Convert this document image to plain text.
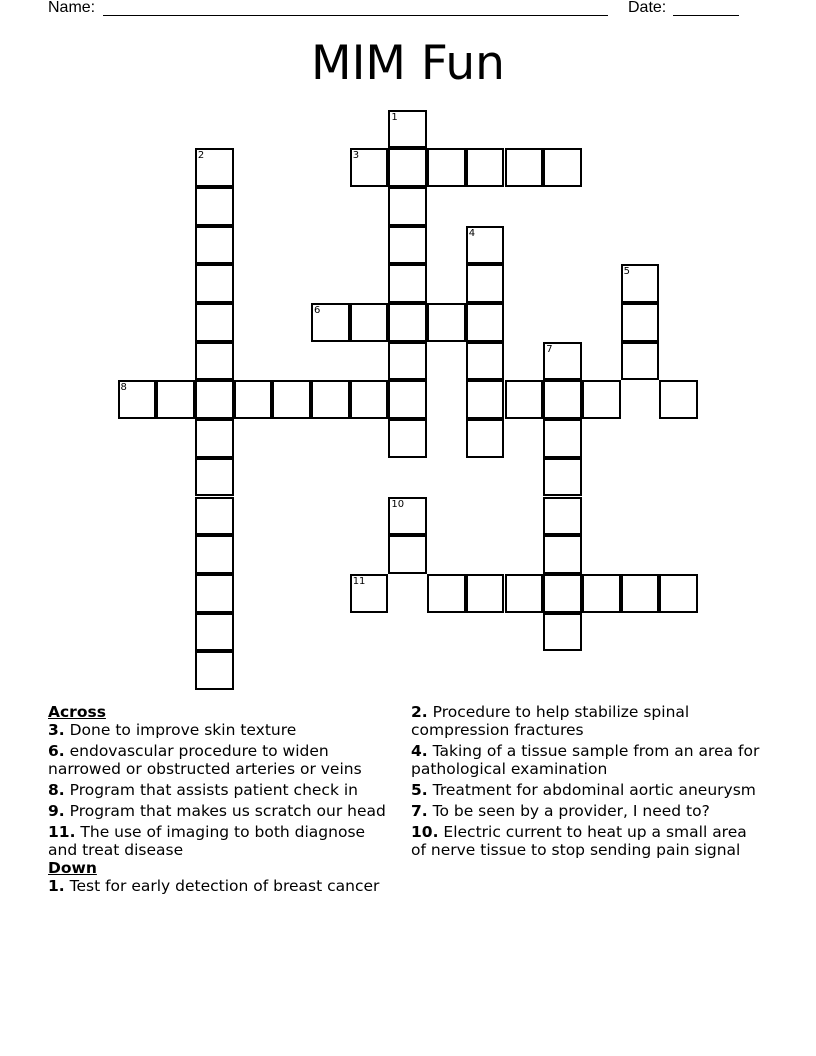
Name:	Date:
MIM Fun
1
2	3
4
5
6
7
8
10
11
Across
3. Done to improve skin texture
6. endovascular procedure to widen narrowed or obstructed arteries or veins
8. Program that assists patient check in
9. Program that makes us scratch our head
11. The use of imaging to both diagnose and treat disease
Down
1. Test for early detection of breast cancer
2. Procedure to help stabilize spinal compression fractures
4. Taking of a tissue sample from an area for pathological examination
5. Treatment for abdominal aortic aneurysm
7. To be seen by a provider, I need to?
10. Electric current to heat up a small area of nerve tissue to stop sending pain signal
